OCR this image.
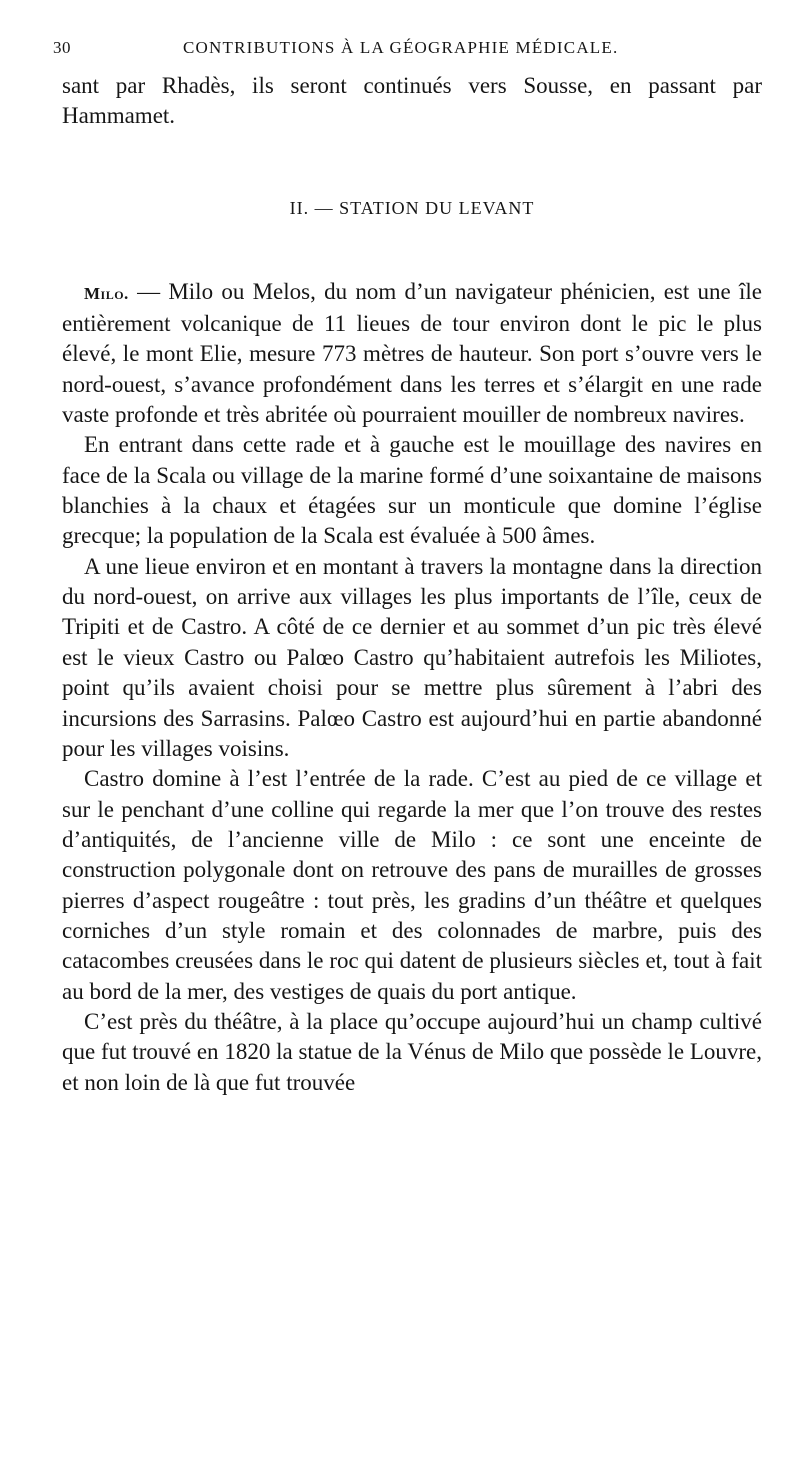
30	CONTRIBUTIONS À LA GÉOGRAPHIE MÉDICALE.

sant par Rhadès, ils seront continués vers Sousse, en passant par Hammamet.

II. — STATION DU LEVANT

Milo. — Milo ou Melos, du nom d’un navigateur phénicien, est une île entièrement volcanique de 11 lieues de tour environ dont le pic le plus élevé, le mont Elie, mesure 773 mètres de hauteur. Son port s’ouvre vers le nord-ouest, s’avance profondément dans les terres et s’élargit en une rade vaste profonde et très abritée où pourraient mouiller de nombreux navires.

En entrant dans cette rade et à gauche est le mouillage des navires en face de la Scala ou village de la marine formé d’une soixantaine de maisons blanchies à la chaux et étagées sur un monticule que domine l’église grecque; la population de la Scala est évaluée à 500 âmes.

A une lieue environ et en montant à travers la montagne dans la direction du nord-ouest, on arrive aux villages les plus importants de l’île, ceux de Tripiti et de Castro. A côté de ce dernier et au sommet d’un pic très élevé est le vieux Castro ou Palœo Castro qu’habitaient autrefois les Miliotes, point qu’ils avaient choisi pour se mettre plus sûrement à l’abri des incursions des Sarrasins. Palœo Castro est aujourd’hui en partie abandonné pour les villages voisins.

Castro domine à l’est l’entrée de la rade. C’est au pied de ce village et sur le penchant d’une colline qui regarde la mer que l’on trouve des restes d’antiquités, de l’ancienne ville de Milo : ce sont une enceinte de construction polygonale dont on retrouve des pans de murailles de grosses pierres d’aspect rougeâtre : tout près, les gradins d’un théâtre et quelques corniches d’un style romain et des colonnades de marbre, puis des catacombes creusées dans le roc qui datent de plusieurs siècles et, tout à fait au bord de la mer, des vestiges de quais du port antique.

C’est près du théâtre, à la place qu’occupe aujourd’hui un champ cultivé que fut trouvé en 1820 la statue de la Vénus de Milo que possède le Louvre, et non loin de là que fut trouvée
